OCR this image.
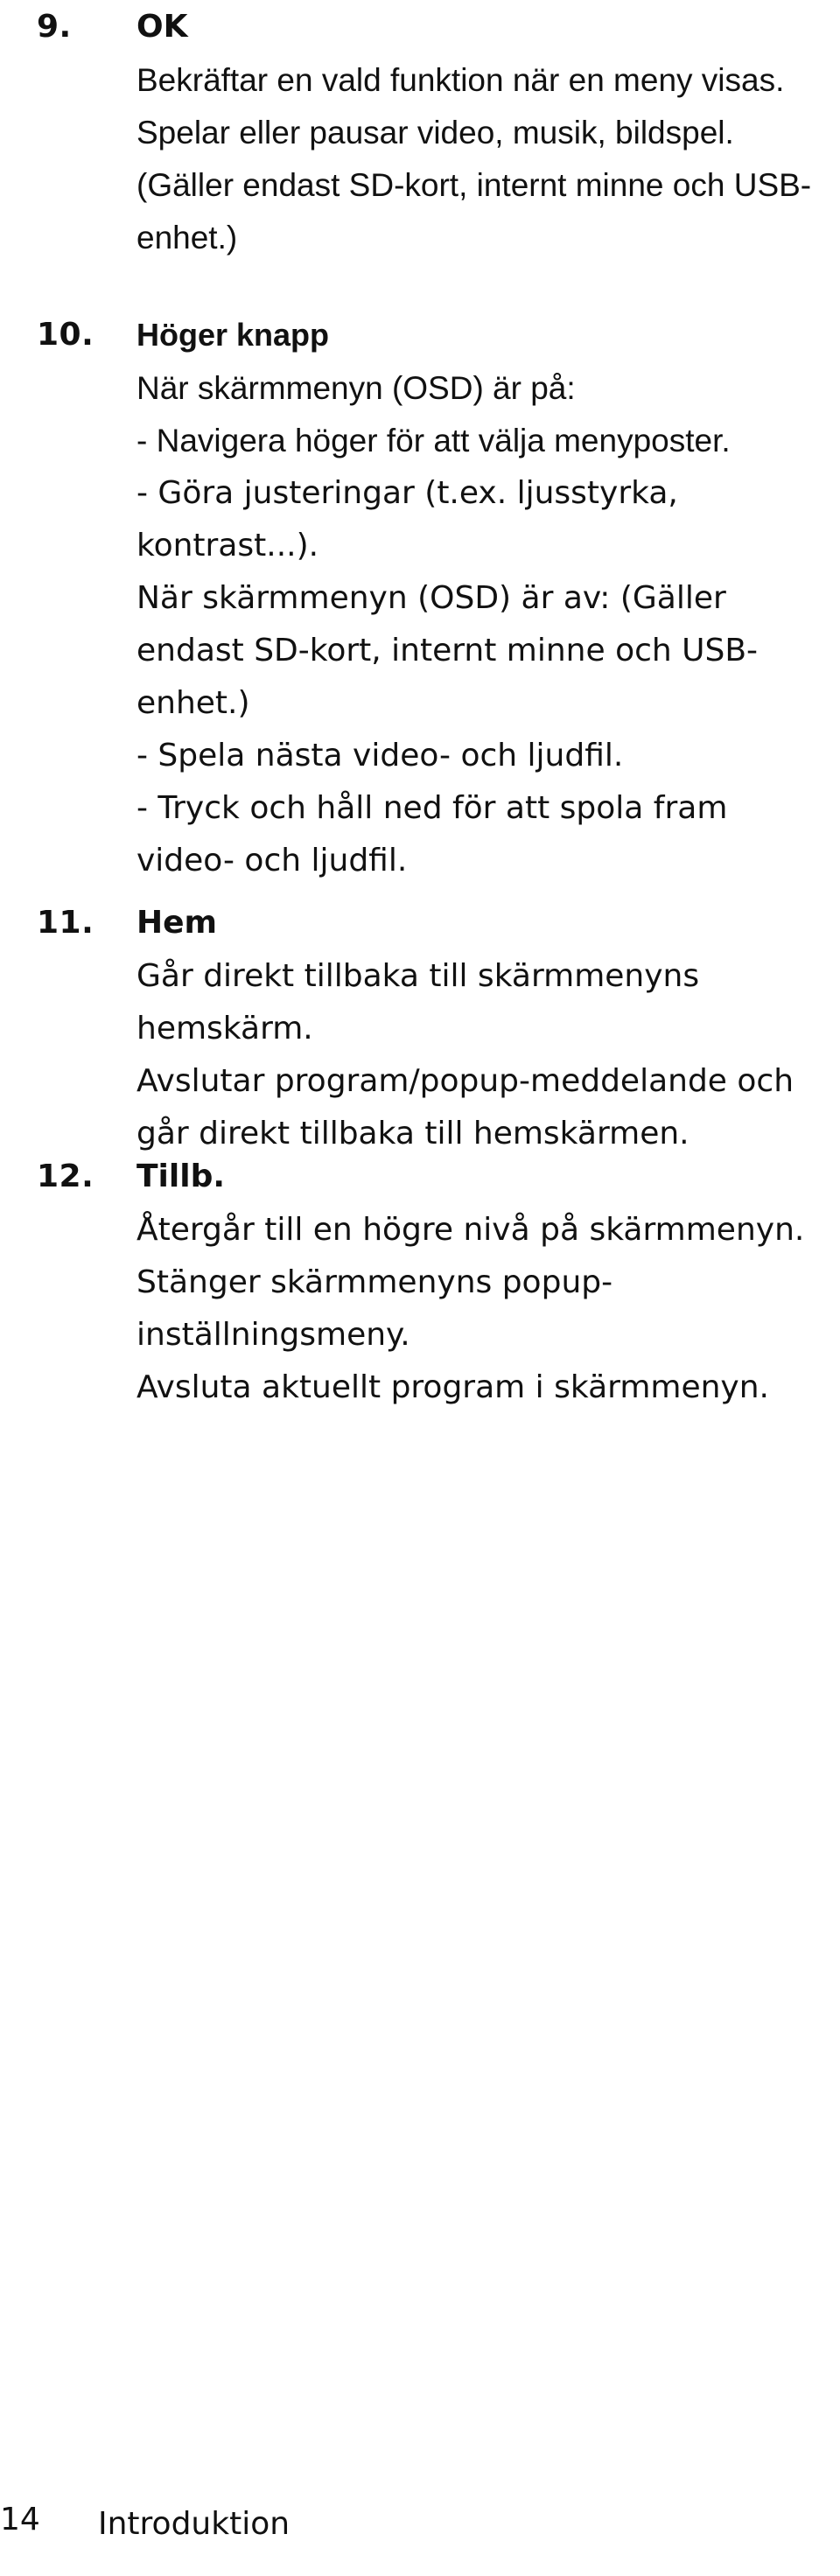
9. OK

Bekräftar en vald funktion när en meny visas.

Spelar eller pausar video, musik, bildspel. (Gäller endast SD-kort, internt minne och USB-enhet.)

10. Höger knapp

När skärmmenyn (OSD) är på:

- Navigera höger för att välja menyposter.

- Göra justeringar (t.ex. ljusstyrka, kontrast...).

När skärmmenyn (OSD) är av: (Gäller endast SD-kort, internt minne och USB-enhet.)

- Spela nästa video- och ljudfil.

- Tryck och håll ned för att spola fram video- och ljudfil.

11. Hem

Går direkt tillbaka till skärmmenyns hemskärm.

Avslutar program/popup-meddelande och går direkt tillbaka till hemskärmen.

12. Tillb.

Återgår till en högre nivå på skärmmenyn.

Stänger skärmmenyns popup-inställningsmeny.

Avsluta aktuellt program i skärmmenyn.

14 Introduktion
